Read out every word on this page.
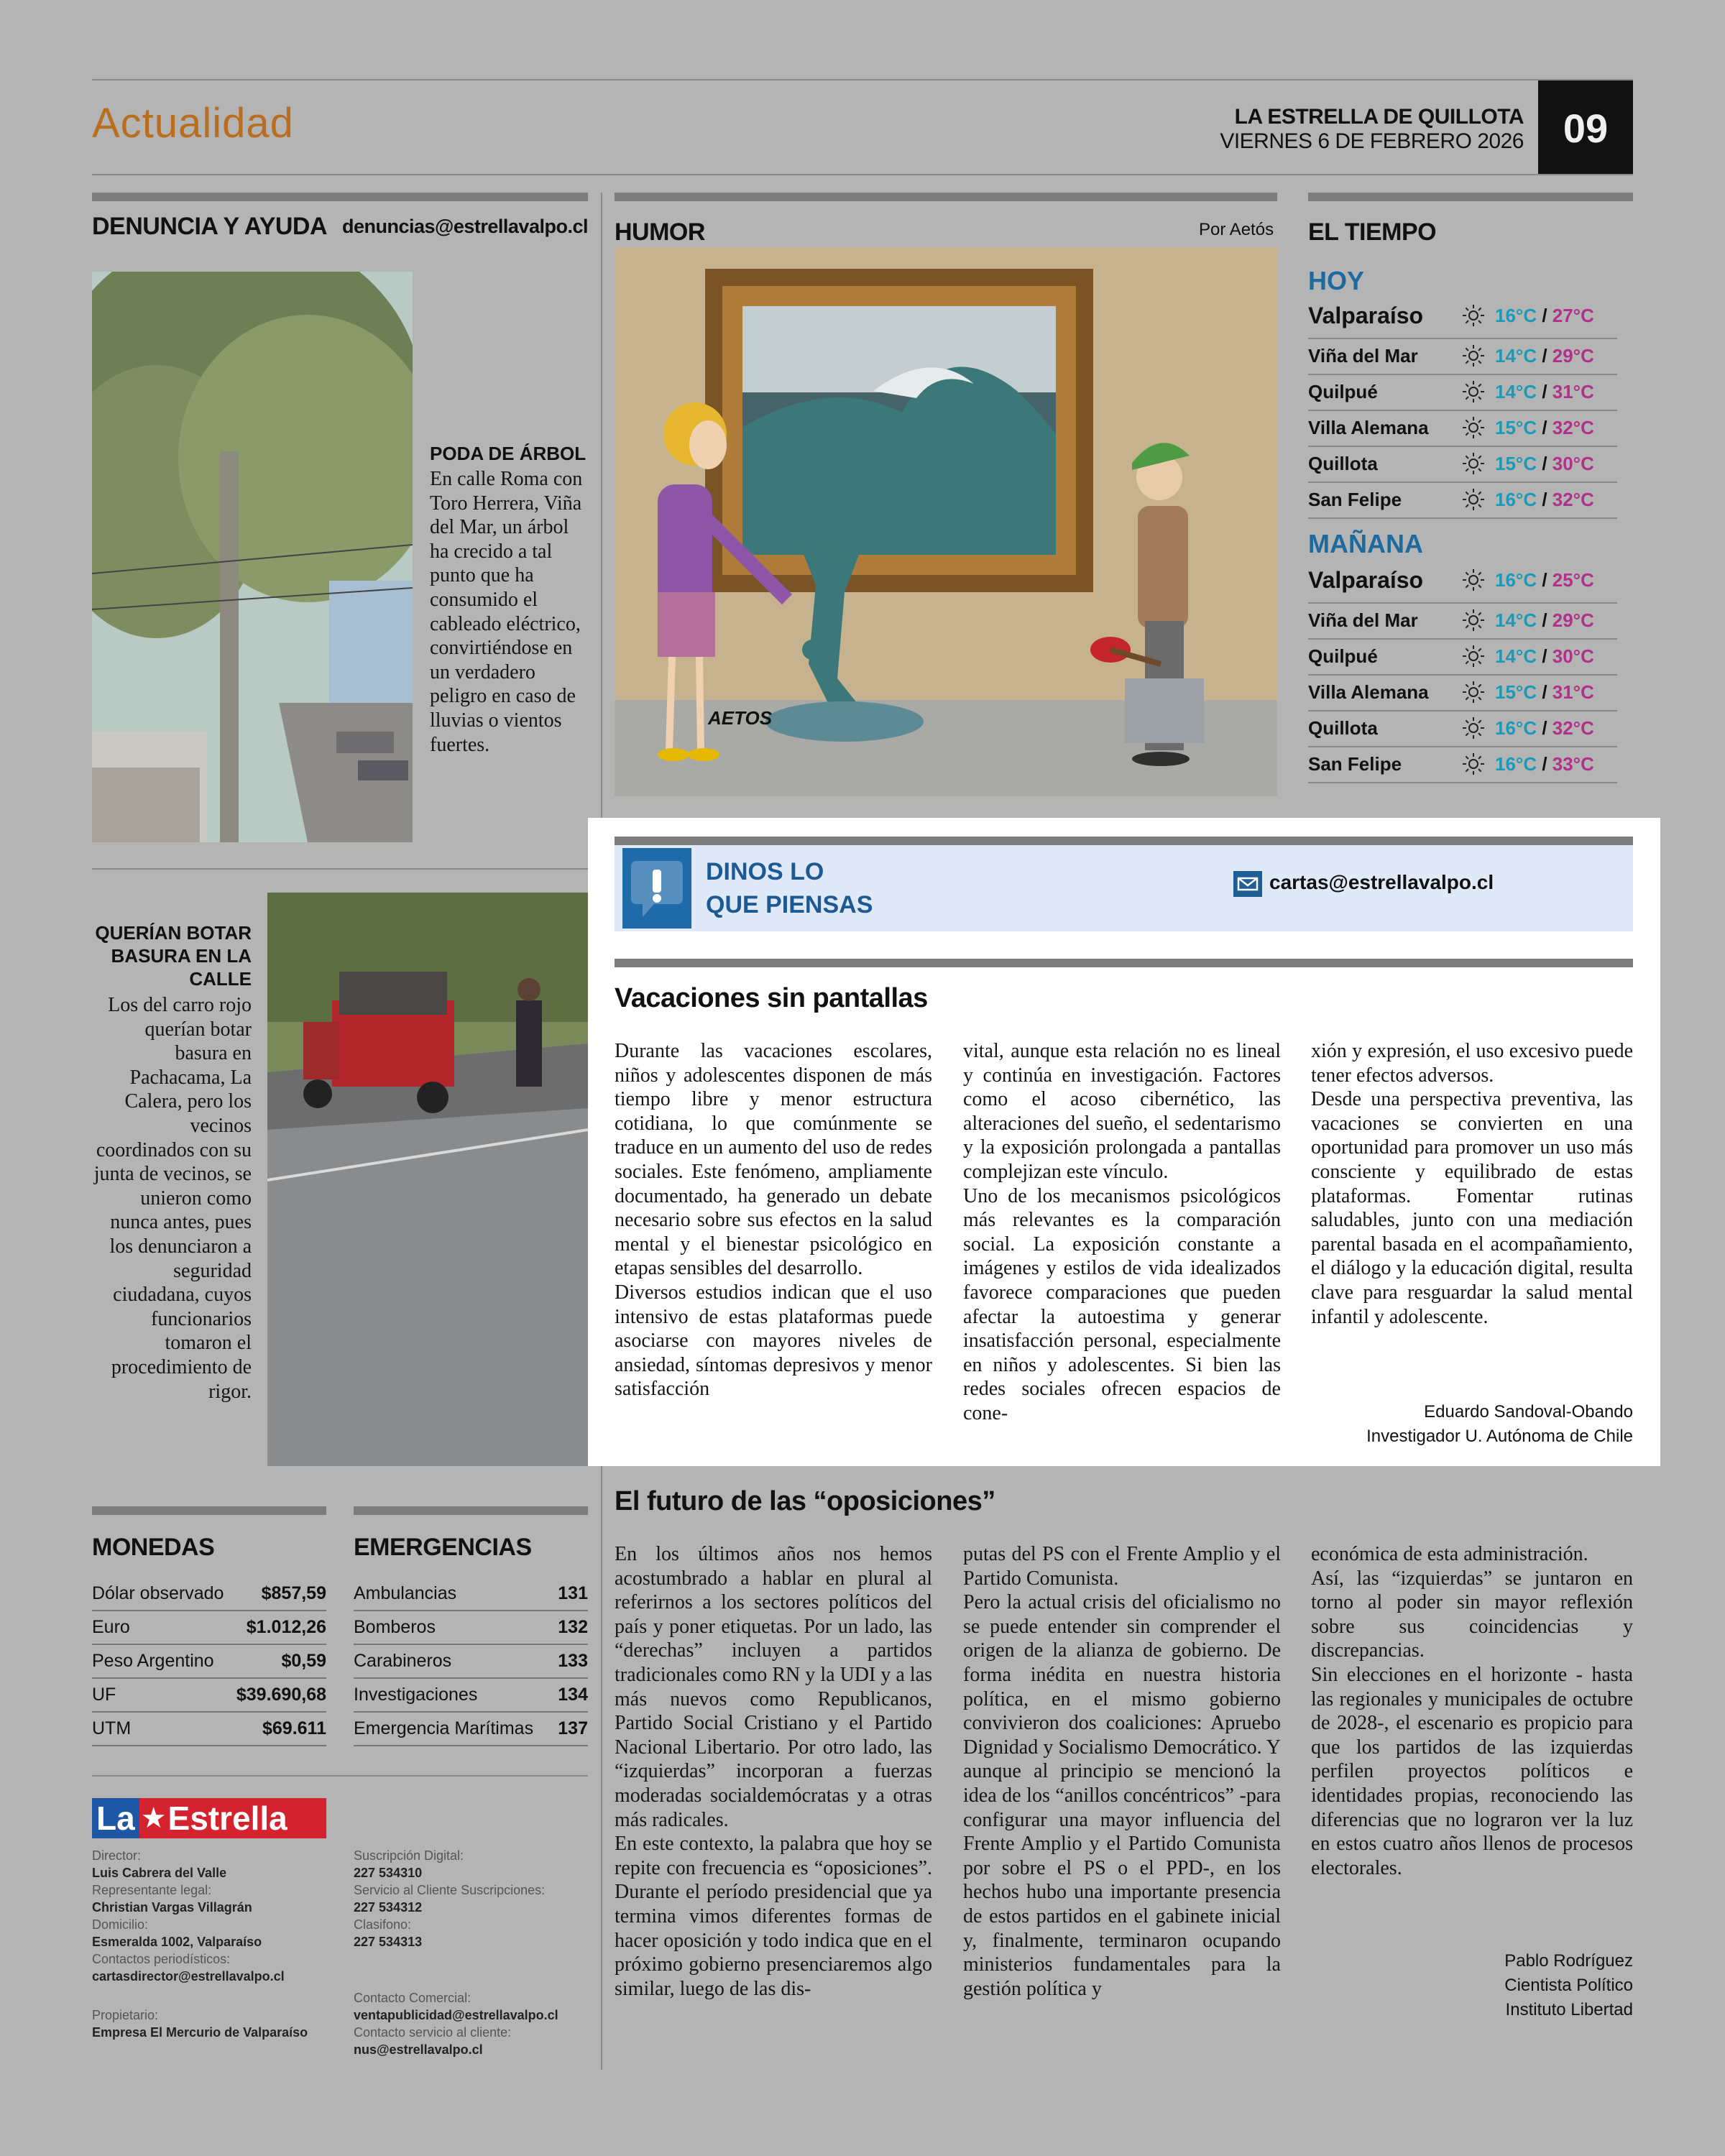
Actualidad	LA ESTRELLA DE QUILLOTA
VIERNES 6 DE FEBRERO 2026 09
DENUNCIA Y AYUDA denuncias@estrellavalpo.cl
PODA DE ÁRBOL
En calle Roma con Toro Herrera, Viña del Mar, un árbol ha crecido a tal punto que ha consumido el cableado eléctrico, convirtiéndose en un verdadero peligro en caso de lluvias o vientos fuertes.
QUERÍAN BOTAR BASURA EN LA CALLE
Los del carro rojo querían botar basura en Pachacama, La Calera, pero los vecinos coordinados con su junta de vecinos, se unieron como nunca antes, pues los denunciaron a seguridad ciudadana, cuyos funcionarios tomaron el procedimiento de rigor.
HUMOR	Por Aetós
AETOS
EL TIEMPO
HOY
Valparaíso	16°C / 27°C
Viña del Mar	14°C / 29°C
Quilpué	14°C / 31°C
Villa Alemana	15°C / 32°C
Quillota	15°C / 30°C
San Felipe	16°C / 32°C
MAÑANA
Valparaíso	16°C / 25°C
Viña del Mar	14°C / 29°C
Quilpué	14°C / 30°C
Villa Alemana	15°C / 31°C
Quillota	16°C / 32°C
San Felipe	16°C / 33°C
DINOS LO
QUE PIENSAS
cartas@estrellavalpo.cl
Vacaciones sin pantallas
Durante las vacaciones escolares, niños y adolescentes disponen de más tiempo libre y menor estructura cotidiana, lo que comúnmente se traduce en un aumento del uso de redes sociales. Este fenómeno, ampliamente documentado, ha generado un debate necesario sobre sus efectos en la salud mental y el bienestar psicológico en etapas sensibles del desarrollo.
Diversos estudios indican que el uso intensivo de estas plataformas puede asociarse con mayores niveles de ansiedad, síntomas depresivos y menor satisfacción
vital, aunque esta relación no es lineal y continúa en investigación. Factores como el acoso cibernético, las alteraciones del sueño, el sedentarismo y la exposición prolongada a pantallas complejizan este vínculo.
Uno de los mecanismos psicológicos más relevantes es la comparación social. La exposición constante a imágenes y estilos de vida idealizados favorece comparaciones que pueden afectar la autoestima y generar insatisfacción personal, especialmente en niños y adolescentes. Si bien las redes sociales ofrecen espacios de cone-
xión y expresión, el uso excesivo puede tener efectos adversos.
Desde una perspectiva preventiva, las vacaciones se convierten en una oportunidad para promover un uso más consciente y equilibrado de estas plataformas. Fomentar rutinas saludables, junto con una mediación parental basada en el acompañamiento, el diálogo y la educación digital, resulta clave para resguardar la salud mental infantil y adolescente.
Eduardo Sandoval-Obando
Investigador U. Autónoma de Chile
El futuro de las “oposiciones”
En los últimos años nos hemos acostumbrado a hablar en plural al referirnos a los sectores políticos del país y poner etiquetas. Por un lado, las “derechas” incluyen a partidos tradicionales como RN y la UDI y a las más nuevos como Republicanos, Partido Social Cristiano y el Partido Nacional Libertario. Por otro lado, las “izquierdas” incorporan a fuerzas moderadas socialdemócratas y a otras más radicales.
En este contexto, la palabra que hoy se repite con frecuencia es “oposiciones”. Durante el período presidencial que ya termina vimos diferentes formas de hacer oposición y todo indica que en el próximo gobierno presenciaremos algo similar, luego de las dis-
putas del PS con el Frente Amplio y el Partido Comunista.
Pero la actual crisis del oficialismo no se puede entender sin comprender el origen de la alianza de gobierno. De forma inédita en nuestra historia política, en el mismo gobierno convivieron dos coaliciones: Apruebo Dignidad y Socialismo Democrático. Y aunque al principio se mencionó la idea de los “anillos concéntricos” -para configurar una mayor influencia del Frente Amplio y el Partido Comunista por sobre el PS o el PPD-, en los hechos hubo una importante presencia de estos partidos en el gabinete inicial y, finalmente, terminaron ocupando ministerios fundamentales para la gestión política y
económica de esta administración.
Así, las “izquierdas” se juntaron en torno al poder sin mayor reflexión sobre sus coincidencias y discrepancias.
Sin elecciones en el horizonte - hasta las regionales y municipales de octubre de 2028-, el escenario es propicio para que los partidos de las izquierdas perfilen proyectos políticos e identidades propias, reconociendo las diferencias que no lograron ver la luz en estos cuatro años llenos de procesos electorales.
Pablo Rodríguez
Cientista Político
Instituto Libertad
MONEDAS
Dólar observado $857,59
Euro	$1.012,26
Peso Argentino	$0,59
UF	$39.690,68
UTM	$69.611
EMERGENCIAS
Ambulancias	131
Bomberos	132
Carabineros	133
Investigaciones	134
Emergencia Marítimas 137
La ★ Estrella
Director:
Luis Cabrera del Valle
Representante legal:
Christian Vargas Villagrán
Domicilio:
Esmeralda 1002, Valparaíso
Contactos periodísticos:
cartasdirector@estrellavalpo.cl
Propietario:
Empresa El Mercurio de Valparaíso
Suscripción Digital:
227 534310
Servicio al Cliente Suscripciones:
227 534312
Clasifono:
227 534313
Contacto Comercial:
ventapublicidad@estrellavalpo.cl
Contacto servicio al cliente:
nus@estrellavalpo.cl
